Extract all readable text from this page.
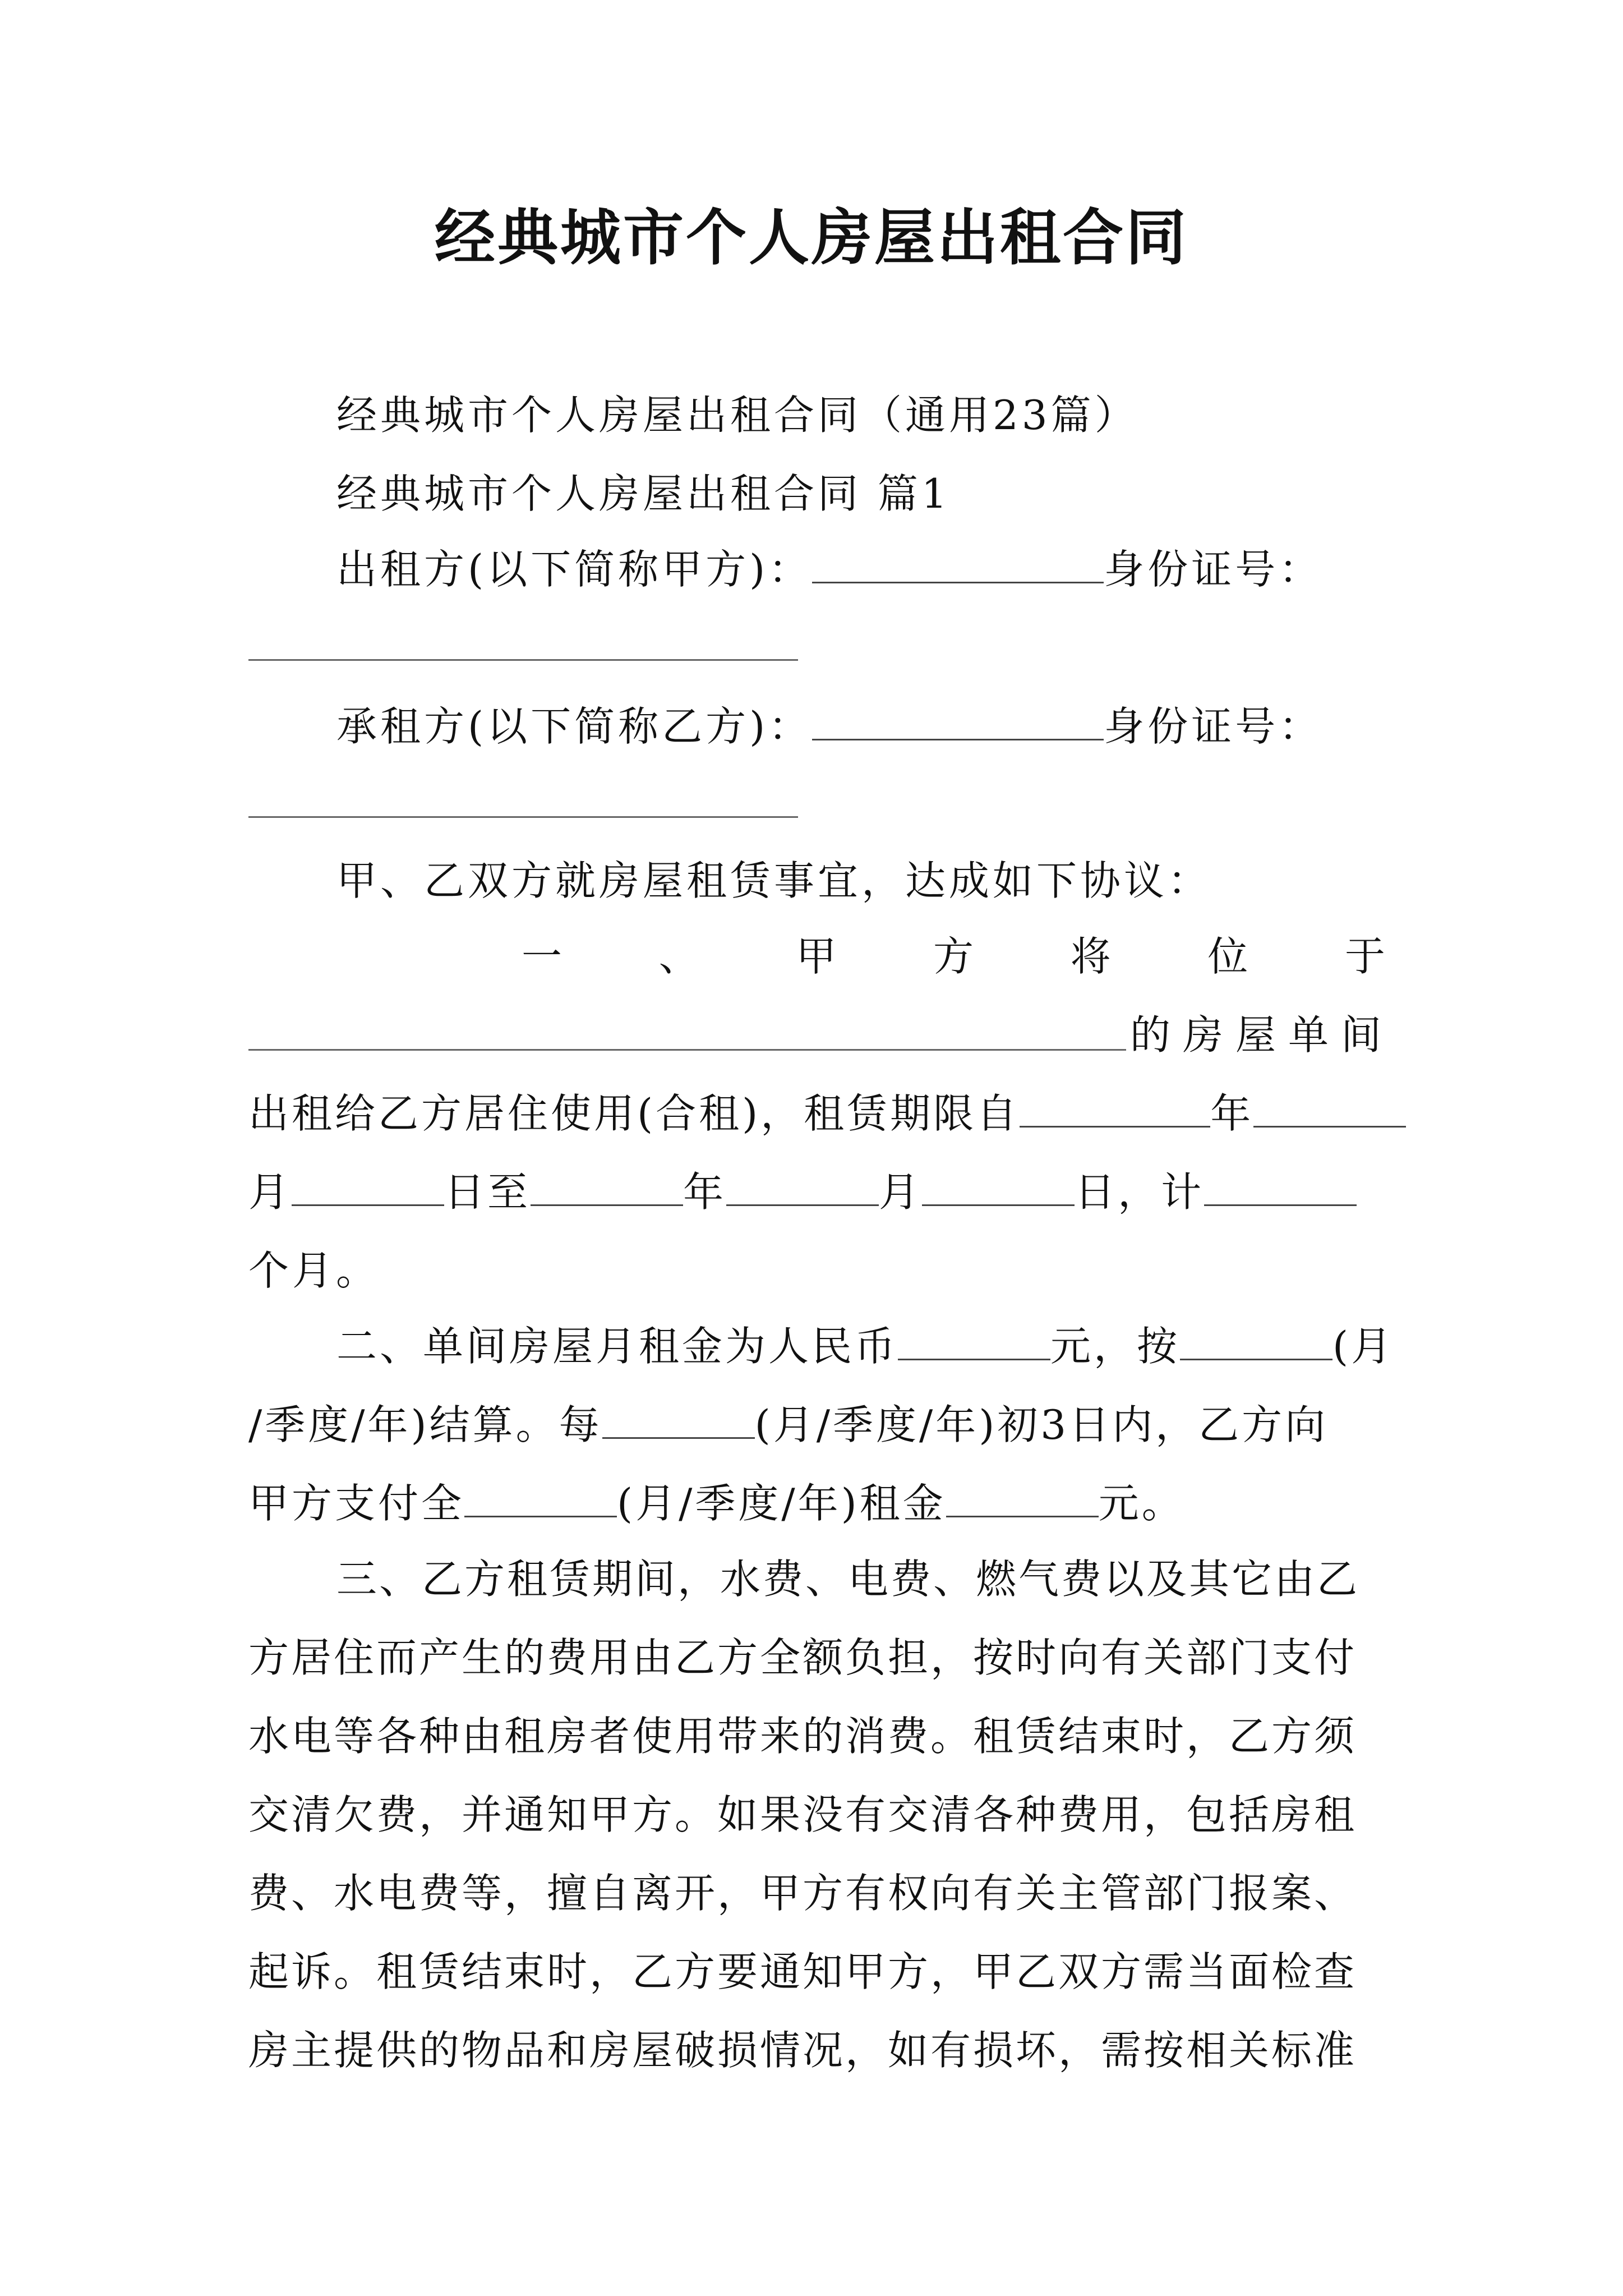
经典城市个人房屋出租合同
经典城市个人房屋出租合同（通用23篇）
经典城市个人房屋出租合同 篇1
出租方(以下简称甲方)：	身份证号：
承租方(以下简称乙方)：	身份证号：
甲、乙双方就房屋租赁事宜，达成如下协议：
一 、 甲 方 将 位 于
的房屋单间
出租给乙方居住使用(合租)，租赁期限自	年
月	日至	年	月	日，计
个月。
二、单间房屋月租金为人民币	元，按	(月
/季度/年)结算。每	(月/季度/年)初3日内，乙方向
甲方支付全	(月/季度/年)租金	元。
三、乙方租赁期间，水费、电费、燃气费以及其它由乙
方居住而产生的费用由乙方全额负担，按时向有关部门支付
水电等各种由租房者使用带来的消费。租赁结束时，乙方须
交清欠费，并通知甲方。如果没有交清各种费用，包括房租
费、水电费等，擅自离开，甲方有权向有关主管部门报案、
起诉。租赁结束时，乙方要通知甲方，甲乙双方需当面检查
房主提供的物品和房屋破损情况，如有损坏，需按相关标准
